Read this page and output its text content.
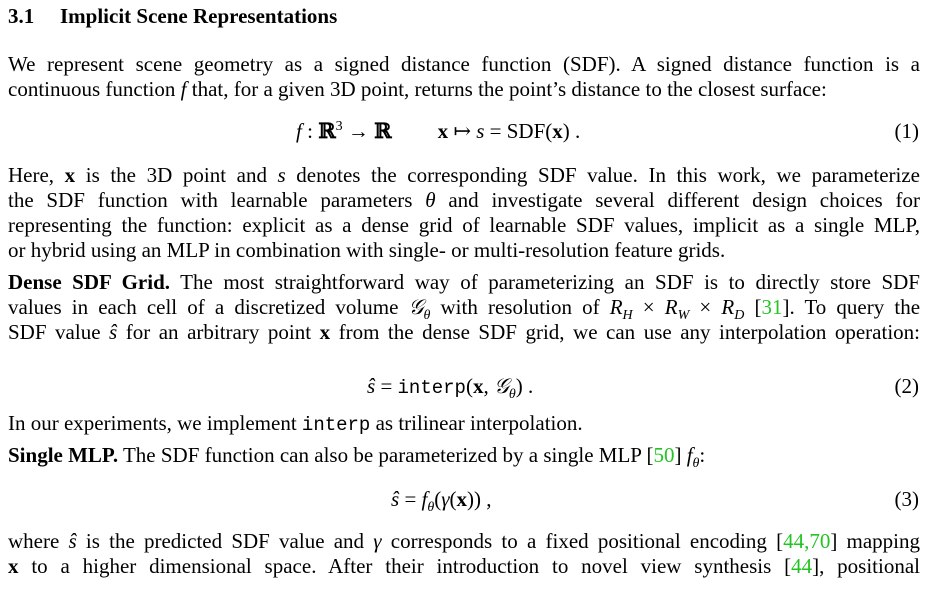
3.1 Implicit Scene Representations
We represent scene geometry as a signed distance function (SDF). A signed distance function is a
continuous function f that, for a given 3D point, returns the point’s distance to the closest surface:
f : ℝ$^3$ → ℝ x ↦ s = SDF(x) .	(1)
Here, x is the 3D point and s denotes the corresponding SDF value. In this work, we parameterize
the SDF function with learnable parameters θ and investigate several different design choices for
representing the function: explicit as a dense grid of learnable SDF values, implicit as a single MLP,
or hybrid using an MLP in combination with single- or multi-resolution feature grids.
Dense SDF Grid. The most straightforward way of parameterizing an SDF is to directly store SDF
values in each cell of a discretized volume 𝒢$_\theta$ with resolution of $R_H \times R_W \times R_D$ [31]. To query the
SDF value ŝ for an arbitrary point x from the dense SDF grid, we can use any interpolation operation:
ŝ = interp(x, 𝒢$_\theta$) .	(2)
In our experiments, we implement interp as trilinear interpolation.
Single MLP. The SDF function can also be parameterized by a single MLP [50] $f_\theta$:
ŝ = $f_\theta(\gamma(x))$ ,	(3)
where ŝ is the predicted SDF value and γ corresponds to a fixed positional encoding [44,70] mapping
x to a higher dimensional space. After their introduction to novel view synthesis [44], positional
